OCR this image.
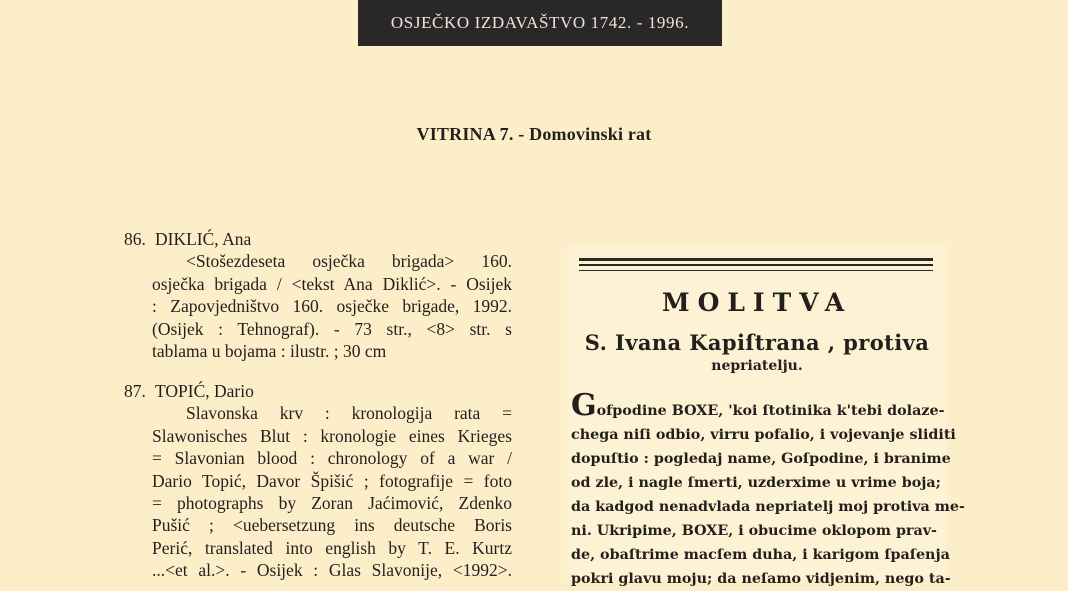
OSJEČKO IZDAVAŠTVO 1742. - 1996.
VITRINA 7. - Domovinski rat
86. DIKLIĆ, Ana
<Stošezdeseta osječka brigada> 160.
osječka brigada / <tekst Ana Diklić>. - Osijek
: Zapovjedništvo 160. osječke brigade, 1992.
(Osijek : Tehnograf). - 73 str., <8> str. s
tablama u bojama : ilustr. ; 30 cm
87. TOPIĆ, Dario
Slavonska krv : kronologija rata =
Slawonisches Blut : kronologie eines Krieges
= Slavonian blood : chronology of a war /
Dario Topić, Davor Špišić ; fotografije = foto
= photographs by Zoran Jaćimović, Zdenko
Pušić ; <uebersetzung ins deutsche Boris
Perić, translated into english by T. E. Kurtz
...<et al.>. - Osijek : Glas Slavonije, <1992>.
MOLITVA
S. Ivana Kapiſtrana , protiva
nepriatelju.
Gofpodine BOXE, 'koi ſtotinika k'tebi dolaze-
chega niſi odbio, virru pofalio, i vojevanje sliditi
dopuſtio : pogledaj name, Goſpodine, i branime
od zle, i nagle ſmerti, uzderxime u vrime boja;
da kadgod nenadvlada nepriatelj moj protiva me-
ni. Ukripime, BOXE, i obucime oklopom prav-
de, obaſtrime macſem duha, i karigom ſpaſenja
pokri glavu moju; da neſamo vidjenim, nego ta-
